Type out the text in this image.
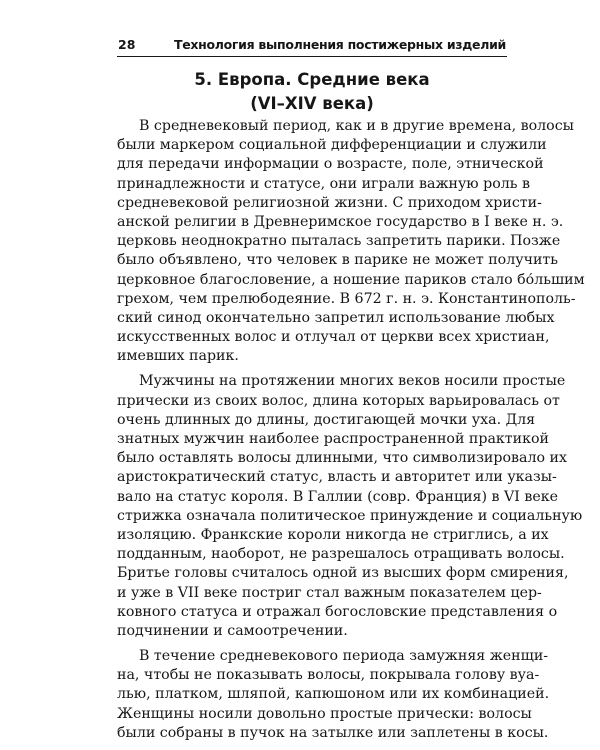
28	Технология выполнения постижерных изделий
5. Европа. Средние века
(VI–XIV века)
В средневековый период, как и в другие времена, волосы
были маркером социальной дифференциации и служили
для передачи информации о возрасте, поле, этнической
принадлежности и статусе, они играли важную роль в
средневековой религиозной жизни. С приходом христи-
анской религии в Древнеримское государство в I веке н. э.
церковь неоднократно пыталась запретить парики. Позже
было объявлено, что человек в парике не может получить
церковное благословение, а ношение париков стало бо́льшим
грехом, чем прелюбодеяние. В 672 г. н. э. Константинополь-
ский синод окончательно запретил использование любых
искусственных волос и отлучал от церкви всех христиан,
имевших парик.
Мужчины на протяжении многих веков носили простые
прически из своих волос, длина которых варьировалась от
очень длинных до длины, достигающей мочки уха. Для
знатных мужчин наиболее распространенной практикой
было оставлять волосы длинными, что символизировало их
аристократический статус, власть и авторитет или указы-
вало на статус короля. В Галлии (совр. Франция) в VI веке
стрижка означала политическое принуждение и социальную
изоляцию. Франкские короли никогда не стриглись, а их
подданным, наоборот, не разрешалось отращивать волосы.
Бритье головы считалось одной из высших форм смирения,
и уже в VII веке постриг стал важным показателем цер-
ковного статуса и отражал богословские представления о
подчинении и самоотречении.
В течение средневекового периода замужняя женщи-
на, чтобы не показывать волосы, покрывала голову вуа-
лью, платком, шляпой, капюшоном или их комбинацией.
Женщины носили довольно простые прически: волосы
были собраны в пучок на затылке или заплетены в косы.
